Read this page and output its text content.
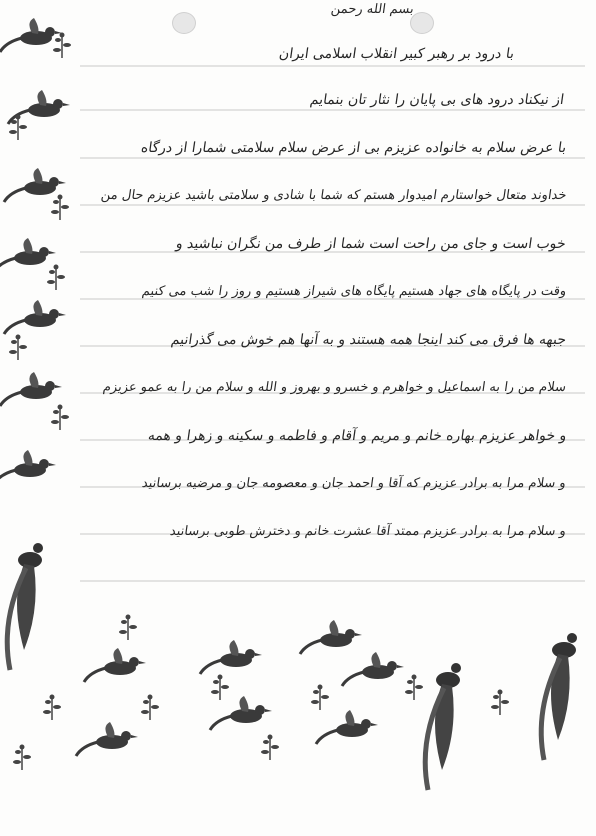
بسم الله رحمن
با درود بر رهبر کبیر انقلاب اسلامی ایران
از نیکناد درود های بی پایان را نثار تان بنمایم
با عرض سلام به خانواده عزیزم بی از عرض سلام سلامتی شمارا از درگاه
خداوند متعال خواستارم امیدوار هستم که شما با شادی و سلامتی باشید عزیزم حال من
خوب است و جای من راحت است شما از طرف من نگران نباشید و
وقت در پایگاه های جهاد هستیم پایگاه های شیراز هستیم و روز را شب می کنیم
جبهه ها فرق می کند اینجا همه هستند و به آنها هم خوش می گذرانیم
سلام من را به اسماعیل و خواهرم و خسرو و بهروز و الله و سلام من را به عمو عزیزم
و خواهر عزیزم بهاره خانم و مریم و آقام و فاطمه و سکینه و زهرا و همه
و سلام مرا به برادر عزیزم که آقا و احمد جان و معصومه جان و مرضیه برسانید
و سلام مرا به برادر عزیزم ممتد آقا عشرت خانم و دخترش طوبی برسانید
